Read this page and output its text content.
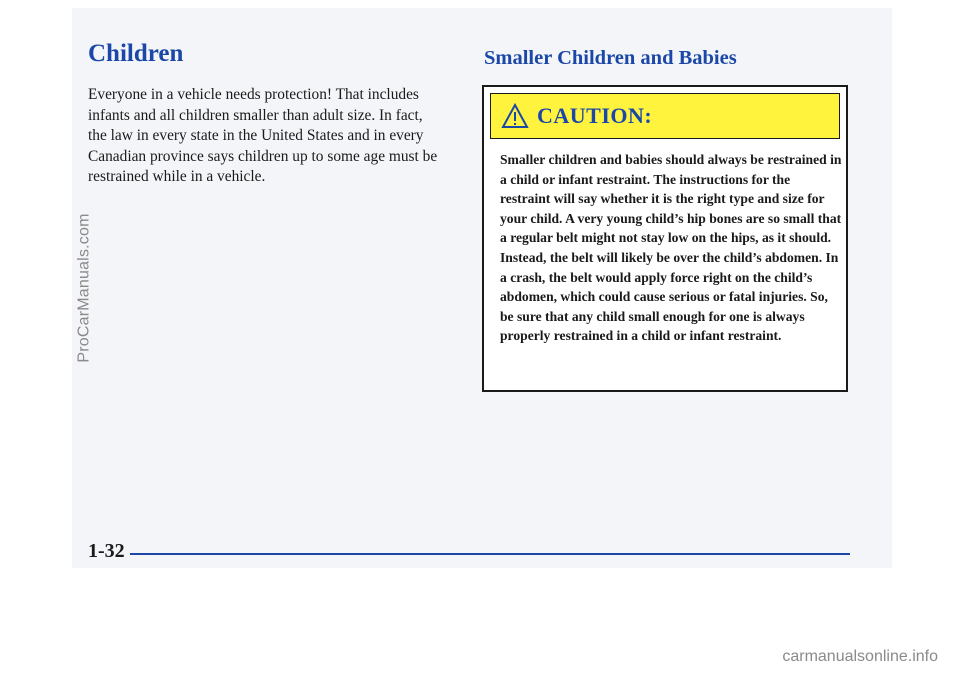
ProCarManuals.com
Children

Everyone in a vehicle needs protection! That includes infants and all children smaller than adult size. In fact, the law in every state in the United States and in every Canadian province says children up to some age must be restrained while in a vehicle.

Smaller Children and Babies
CAUTION:

Smaller children and babies should always be restrained in a child or infant restraint. The instructions for the restraint will say whether it is the right type and size for your child. A very young child’s hip bones are so small that a regular belt might not stay low on the hips, as it should. Instead, the belt will likely be over the child’s abdomen. In a crash, the belt would apply force right on the child’s abdomen, which could cause serious or fatal injuries. So, be sure that any child small enough for one is always properly restrained in a child or infant restraint.

1-32
carmanualsonline.info
